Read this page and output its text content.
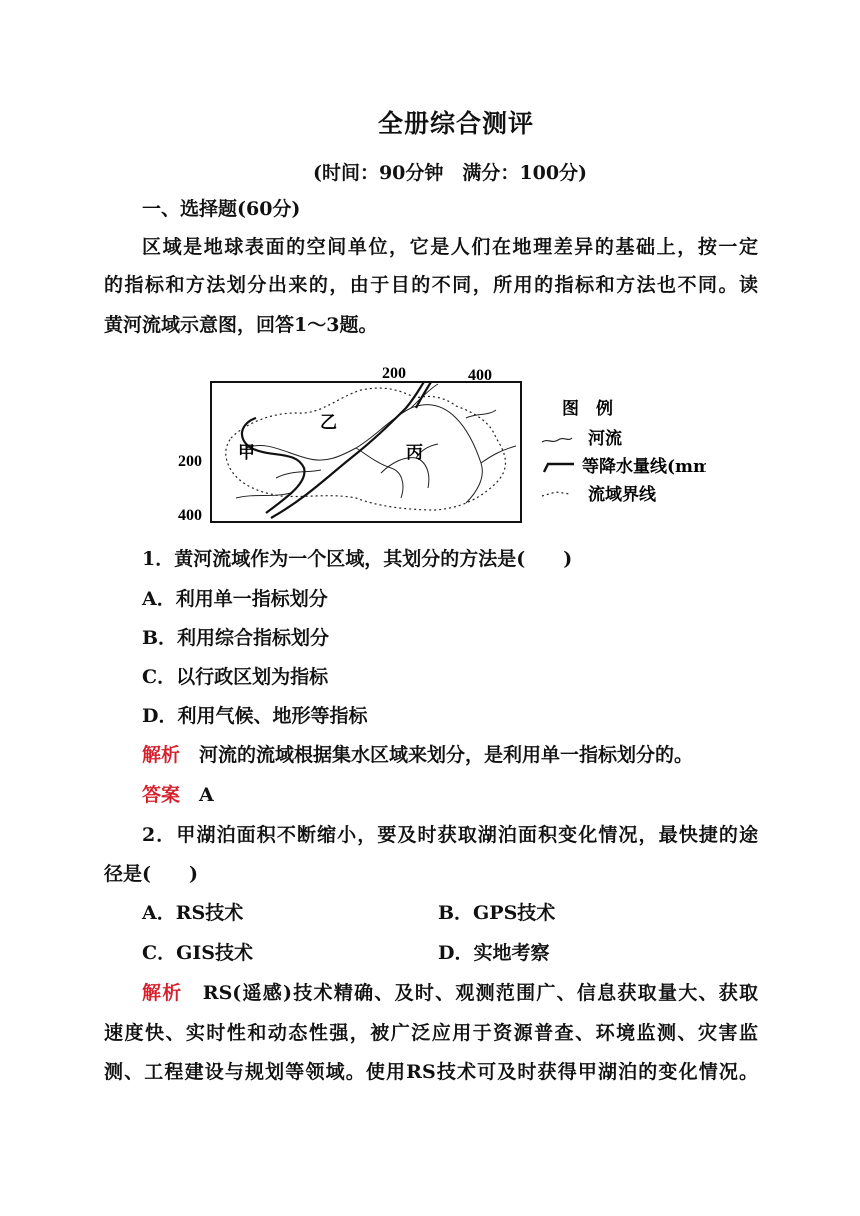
全册综合测评
(时间：90分钟　满分：100分)
一、选择题(60分)
区域是地球表面的空间单位，它是人们在地理差异的基础上，按一定
的指标和方法划分出来的，由于目的不同，所用的指标和方法也不同。读
黄河流域示意图，回答1～3题。
200	400
200
400
甲
乙
丙
图　例
河流
等降水量线(mm)
流域界线
1．黄河流域作为一个区域，其划分的方法是(　　)
A．利用单一指标划分
B．利用综合指标划分
C．以行政区划为指标
D．利用气候、地形等指标
解析　 河流的流域根据集水区域来划分，是利用单一指标划分的。
答案　 A
2．甲湖泊面积不断缩小，要及时获取湖泊面积变化情况，最快捷的途
径是(　　)
A．RS技术	B．GPS技术
C．GIS技术	D．实地考察
解析　 RS(遥感)技术精确、及时、观测范围广、信息获取量大、获取
速度快、实时性和动态性强，被广泛应用于资源普查、环境监测、灾害监
测、工程建设与规划等领域。使用RS技术可及时获得甲湖泊的变化情况。
